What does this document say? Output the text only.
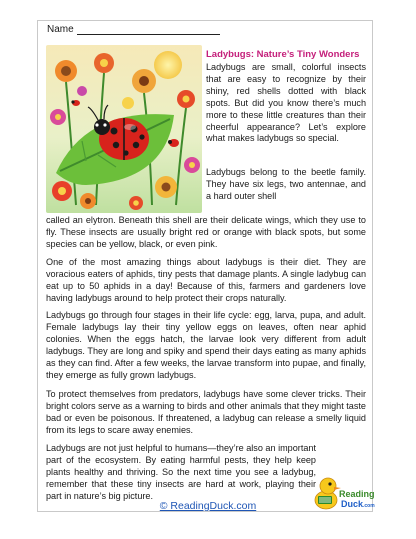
Name
Ladybugs: Nature’s Tiny Wonders
Ladybugs are small, colorful insects that are easy to recognize by their shiny, red shells dotted with black spots. But did you know there’s much more to these little creatures than their cheerful appearance? Let’s explore what makes ladybugs so special.
Ladybugs belong to the beetle family. They have six legs, two antennae, and a hard outer shell
called an elytron. Beneath this shell are their delicate wings, which they use to fly. These insects are usually bright red or orange with black spots, but some species can be yellow, black, or even pink.
One of the most amazing things about ladybugs is their diet. They are voracious eaters of aphids, tiny pests that damage plants. A single ladybug can eat up to 50 aphids in a day! Because of this, farmers and gardeners love having ladybugs around to help protect their crops naturally.
Ladybugs go through four stages in their life cycle: egg, larva, pupa, and adult. Female ladybugs lay their tiny yellow eggs on leaves, often near aphid colonies. When the eggs hatch, the larvae look very different from adult ladybugs. They are long and spiky and spend their days eating as many aphids as they can find. After a few weeks, the larvae transform into pupae, and finally, they emerge as fully grown ladybugs.
To protect themselves from predators, ladybugs have some clever tricks. Their bright colors serve as a warning to birds and other animals that they might taste bad or even be poisonous. If threatened, a ladybug can release a smelly liquid from its legs to scare away enemies.
Ladybugs are not just helpful to humans—they’re also an important part of the ecosystem. By eating harmful pests, they help keep plants healthy and thriving. So the next time you see a ladybug, remember that these tiny insects are hard at work, playing their part in nature’s big picture.
© ReadingDuck.com
Reading
Duck .com
